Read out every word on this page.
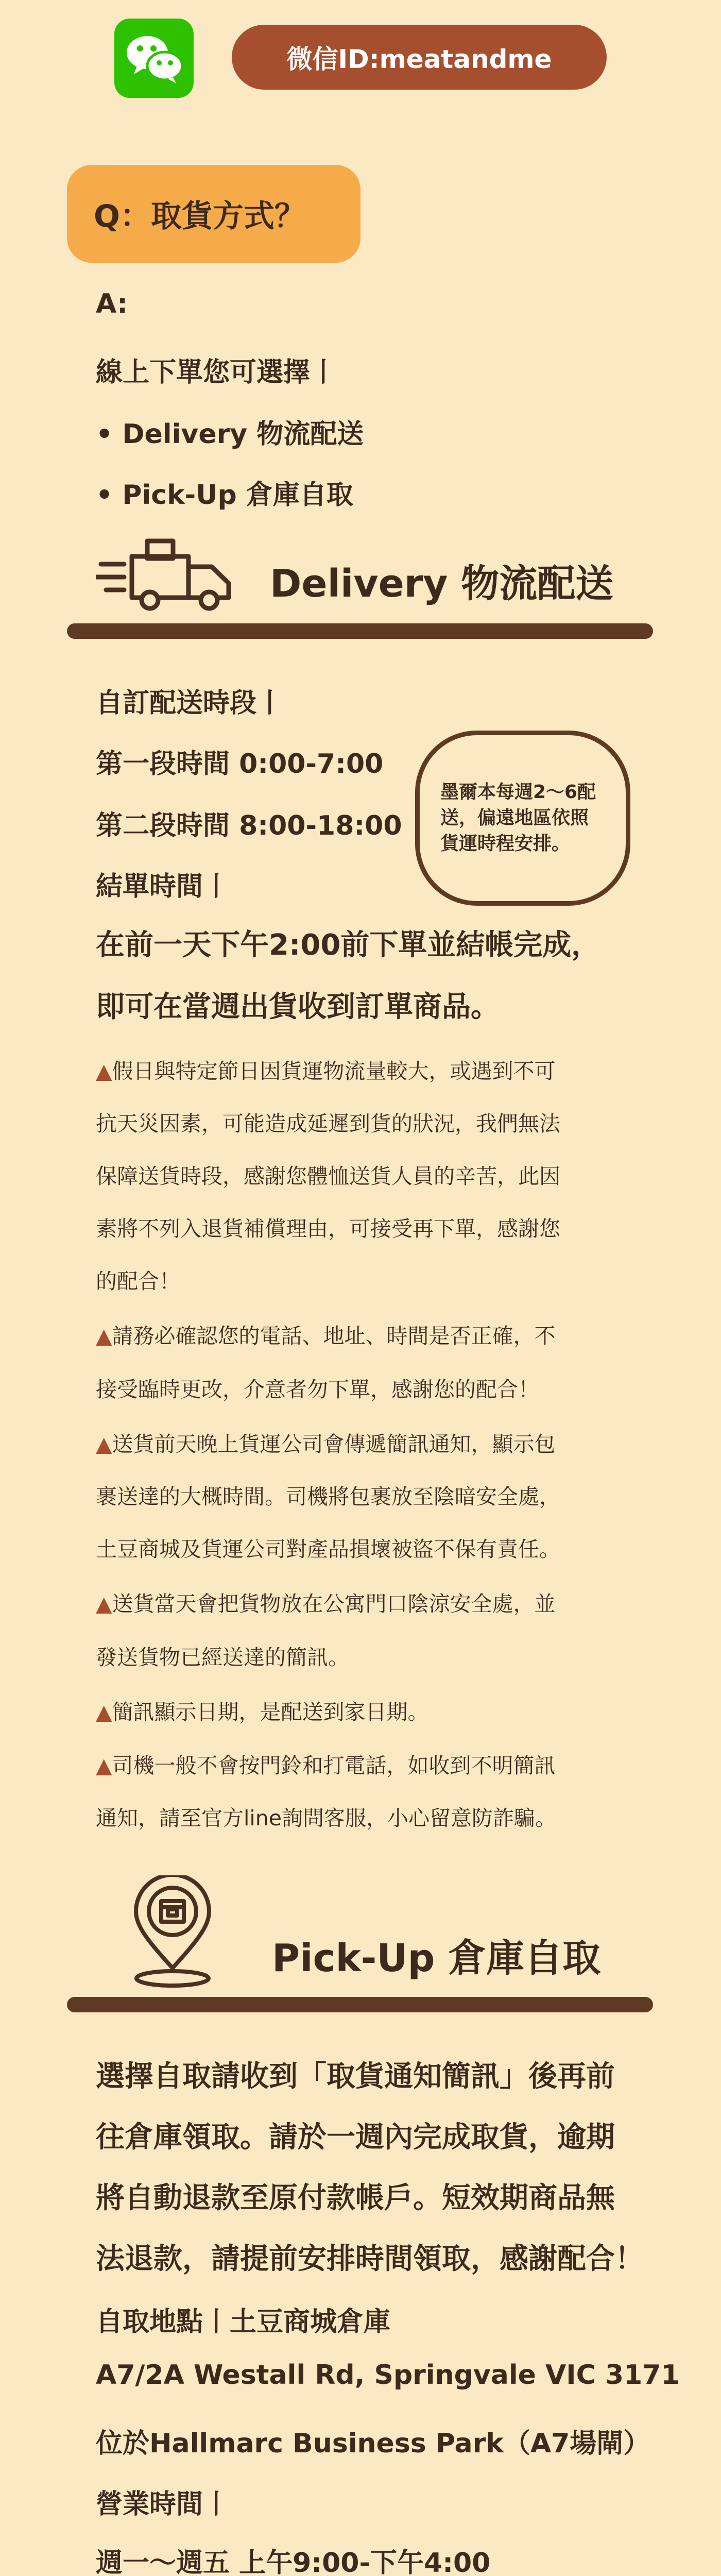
微信ID:meatandme
Q：取貨方式？
A:
線上下單您可選擇丨
• Delivery 物流配送
• Pick-Up 倉庫自取
Delivery 物流配送
自訂配送時段丨
第一段時間 0:00-7:00
第二段時間 8:00-18:00
結單時間丨
墨爾本每週2～6配
送，偏遠地區依照
貨運時程安排。
在前一天下午2:00前下單並結帳完成，
即可在當週出貨收到訂單商品。
▲假日與特定節日因貨運物流量較大，或遇到不可
抗天災因素，可能造成延遲到貨的狀況，我們無法
保障送貨時段，感謝您體恤送貨人員的辛苦，此因
素將不列入退貨補償理由，可接受再下單，感謝您
的配合！
▲請務必確認您的電話、地址、時間是否正確，不
接受臨時更改，介意者勿下單，感謝您的配合！
▲送貨前天晚上貨運公司會傳遞簡訊通知，顯示包
裹送達的大概時間。司機將包裹放至陰暗安全處，
土豆商城及貨運公司對產品損壞被盜不保有責任。
▲送貨當天會把貨物放在公寓門口陰涼安全處，並
發送貨物已經送達的簡訊。
▲簡訊顯示日期，是配送到家日期。
▲司機一般不會按門鈴和打電話，如收到不明簡訊
通知，請至官方line詢問客服，小心留意防詐騙。
Pick-Up 倉庫自取
選擇自取請收到「取貨通知簡訊」後再前
往倉庫領取。請於一週內完成取貨，逾期
將自動退款至原付款帳戶。短效期商品無
法退款，請提前安排時間領取，感謝配合！
自取地點丨土豆商城倉庫
A7/2A Westall Rd, Springvale VIC 3171
位於Hallmarc Business Park（A7場閘）
營業時間丨
週一～週五 上午9:00-下午4:00
